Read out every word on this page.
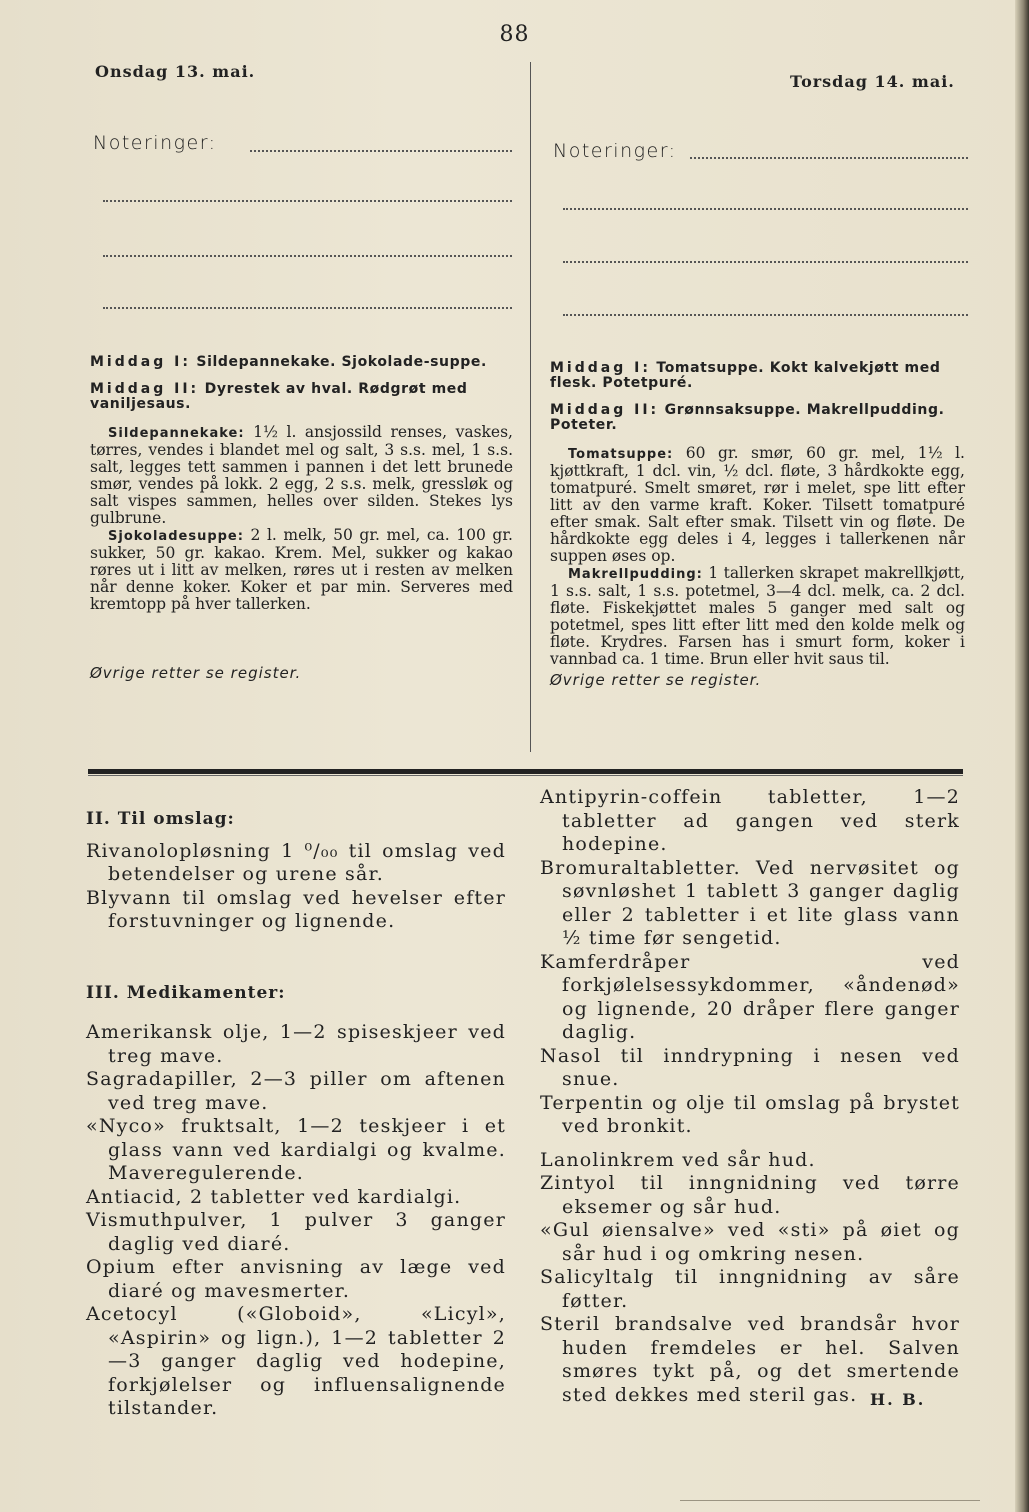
88
Onsdag 13. mai.
Torsdag 14. mai.
Noteringer:	Noteringer:

Middag I: Sildepannekake. Sjokolade-suppe.

Middag II: Dyrestek av hval. Rødgrøt med vaniljesaus.

Sildepannekake: 1½ l. ansjossild renses, vaskes, tørres, vendes i blandet mel og salt, 3 s.s. mel, 1 s.s. salt, legges tett sammen i pannen i det lett brunede smør, vendes på lokk. 2 egg, 2 s.s. melk, gressløk og salt vispes sammen, helles over silden. Stekes lys gulbrune.

Sjokoladesuppe: 2 l. melk, 50 gr. mel, ca. 100 gr. sukker, 50 gr. kakao. Krem. Mel, sukker og kakao røres ut i litt av melken, røres ut i resten av melken når denne koker. Koker et par min. Serveres med kremtopp på hver tallerken.

Øvrige retter se register.

Middag I: Tomatsuppe. Kokt kalvekjøtt med flesk. Potetpuré.

Middag II: Grønnsaksuppe. Makrellpudding. Poteter.

Tomatsuppe: 60 gr. smør, 60 gr. mel, 1½ l. kjøttkraft, 1 dcl. vin, ½ dcl. fløte, 3 hårdkokte egg, tomatpuré. Smelt smøret, rør i melet, spe litt efter litt av den varme kraft. Koker. Tilsett tomatpuré efter smak. Salt efter smak. Tilsett vin og fløte. De hårdkokte egg deles i 4, legges i tallerkenen når suppen øses op.

Makrellpudding: 1 tallerken skrapet makrellkjøtt, 1 s.s. salt, 1 s.s. potetmel, 3—4 dcl. melk, ca. 2 dcl. fløte. Fiskekjøttet males 5 ganger med salt og potetmel, spes litt efter litt med den kolde melk og fløte. Krydres. Farsen has i smurt form, koker i vannbad ca. 1 time. Brun eller hvit saus til.

Øvrige retter se register.

II. Til omslag:

Rivanolopløsning 1 ⁰/₀₀ til omslag ved betendelser og urene sår.

Blyvann til omslag ved hevelser efter forstuvninger og lignende.

III. Medikamenter:

Amerikansk olje, 1—2 spiseskjeer ved treg mave.

Sagradapiller, 2—3 piller om aftenen ved treg mave.

«Nyco» fruktsalt, 1—2 teskjeer i et glass vann ved kardialgi og kvalme. Maveregulerende.

Antiacid, 2 tabletter ved kardialgi.

Vismuthpulver, 1 pulver 3 ganger daglig ved diaré.

Opium efter anvisning av læge ved diaré og mavesmerter.

Acetocyl («Globoid», «Licyl», «Aspirin» og lign.), 1—2 tabletter 2—3 ganger daglig ved hodepine, forkjølelser og influensalignende tilstander.

Antipyrin-coffein tabletter, 1—2 tabletter ad gangen ved sterk hodepine.

Bromuraltabletter. Ved nervøsitet og søvnløshet 1 tablett 3 ganger daglig eller 2 tabletter i et lite glass vann ½ time før sengetid.

Kamferdråper ved forkjølelsessykdommer, «åndenød» og lignende, 20 dråper flere ganger daglig.

Nasol til inndrypning i nesen ved snue.

Terpentin og olje til omslag på brystet ved bronkit.

Lanolinkrem ved sår hud.

Zintyol til inngnidning ved tørre eksemer og sår hud.

«Gul øiensalve» ved «sti» på øiet og sår hud i og omkring nesen.

Salicyltalg til inngnidning av såre føtter.

Steril brandsalve ved brandsår hvor huden fremdeles er hel. Salven smøres tykt på, og det smertende sted dekkes med steril gas. H. B.
